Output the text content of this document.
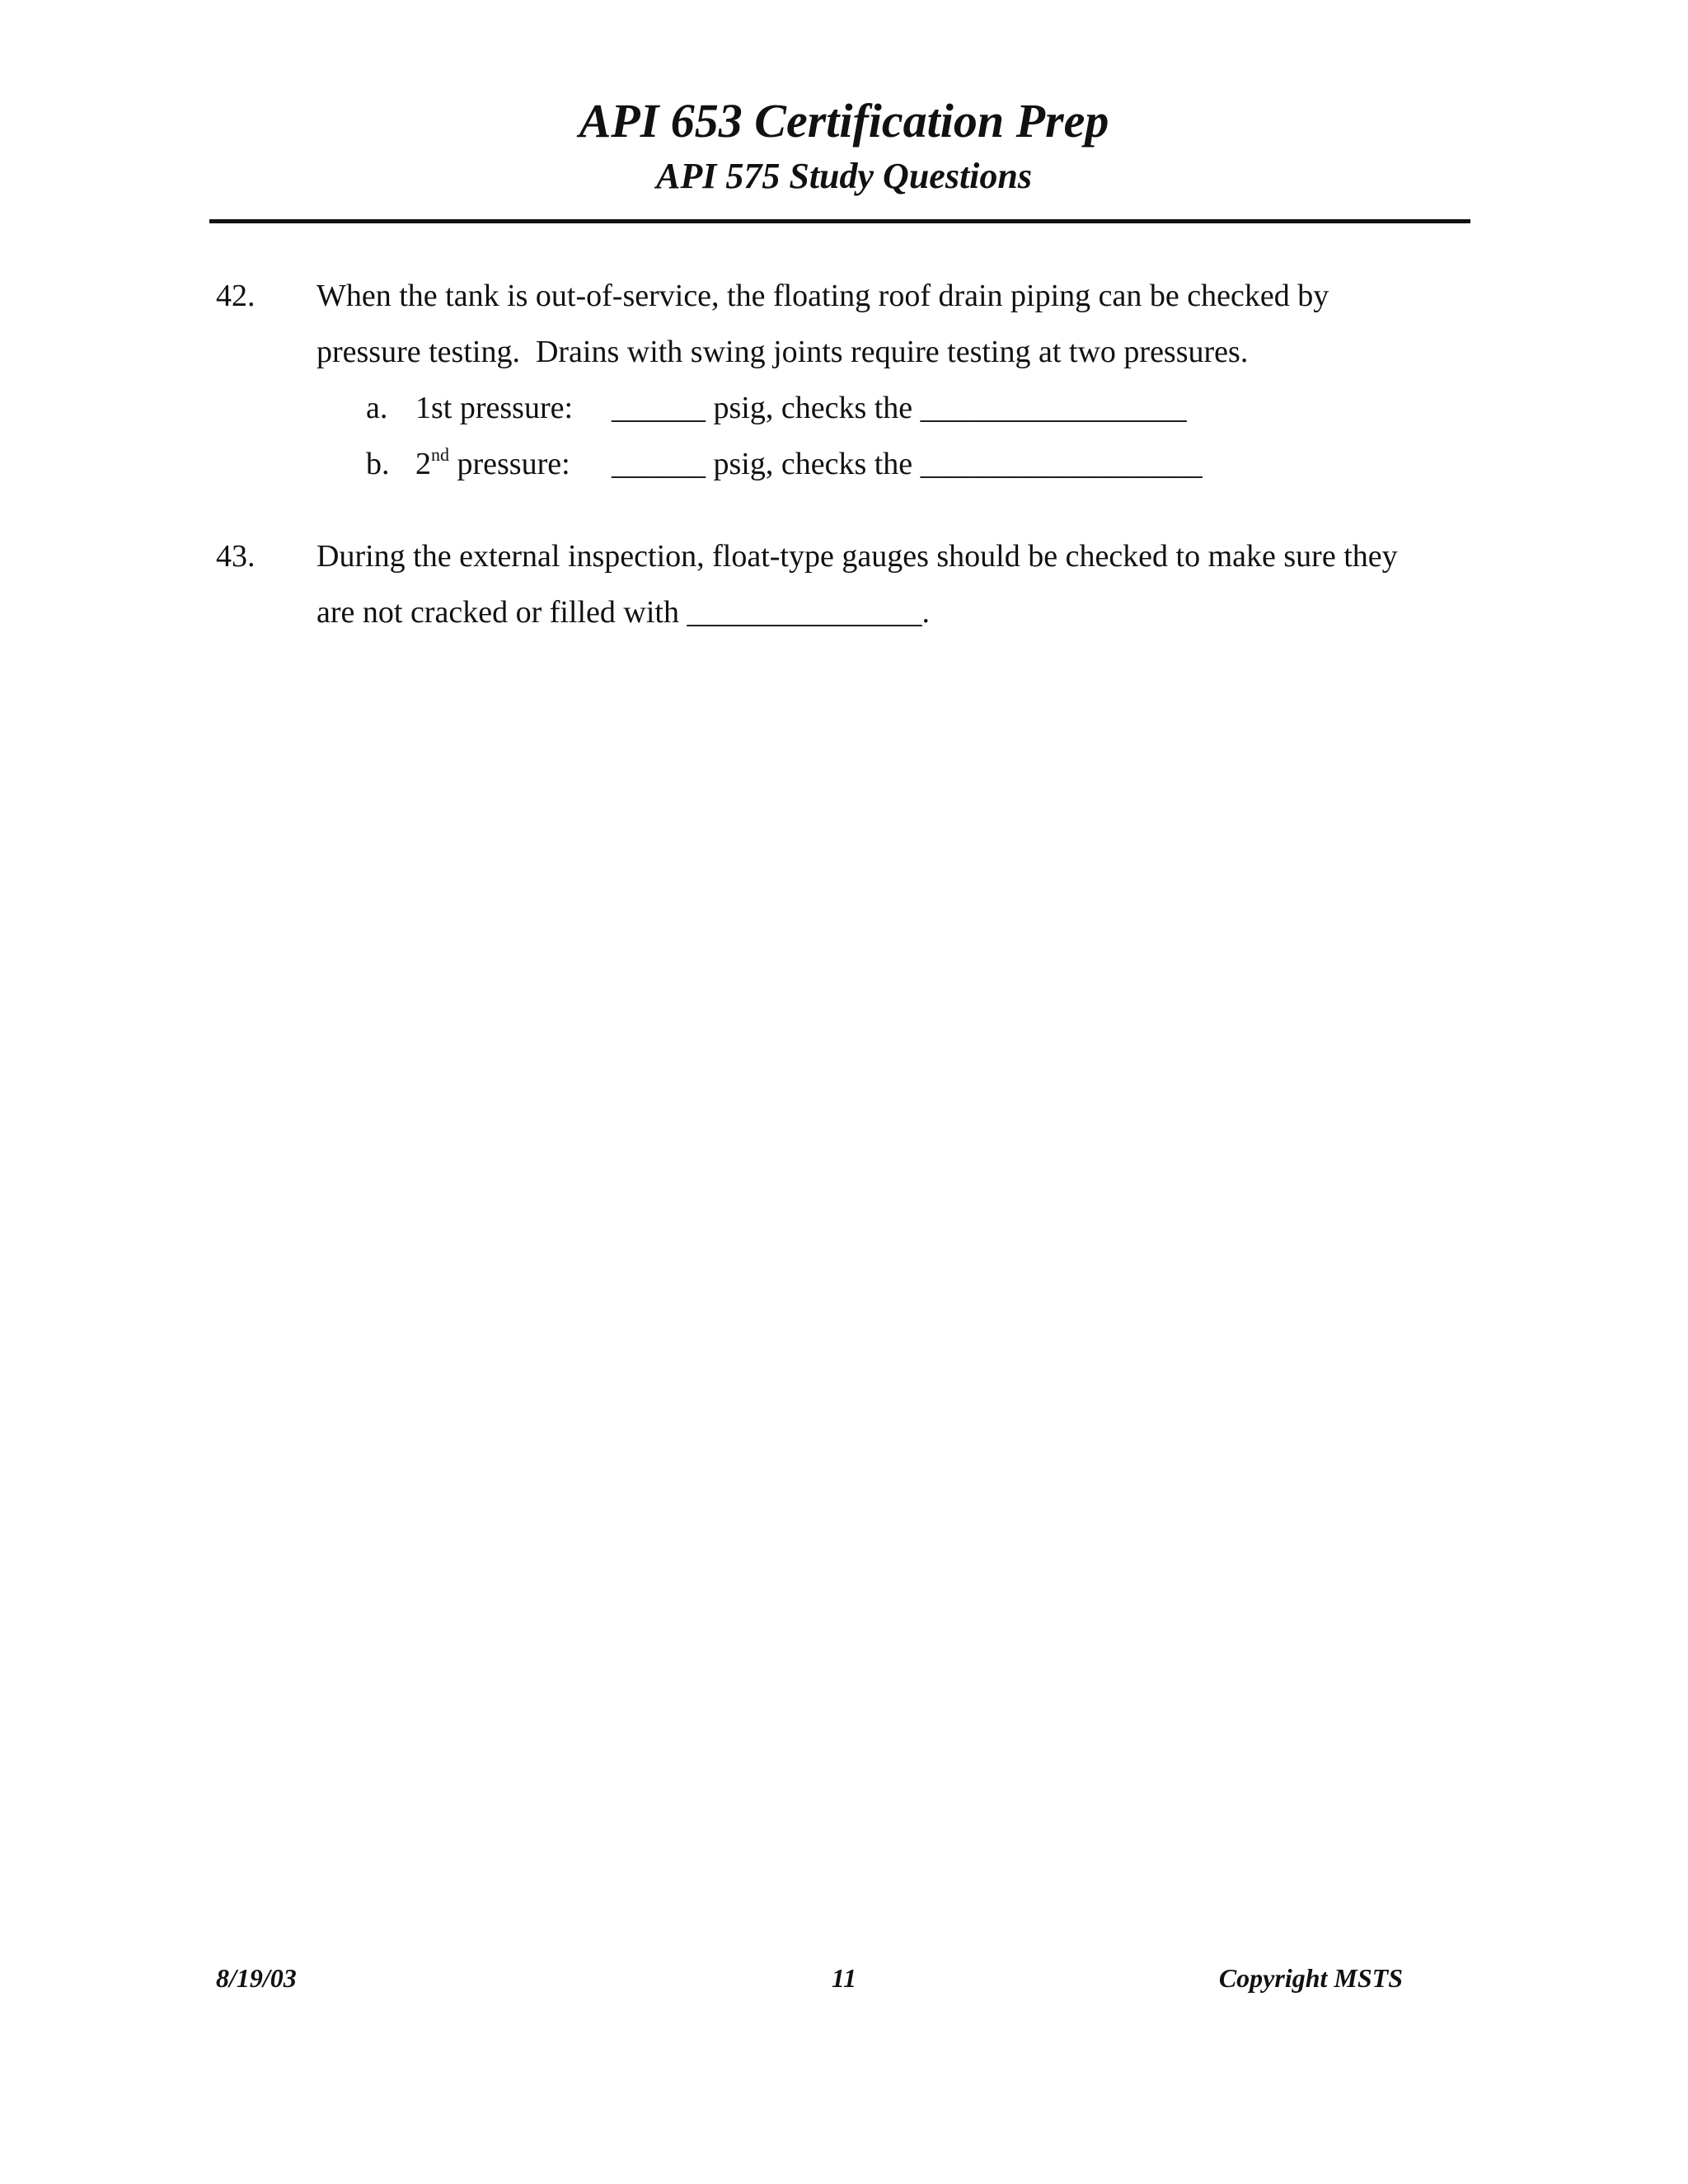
API 653 Certification Prep
API 575 Study Questions
42. When the tank is out-of-service, the floating roof drain piping can be checked by
pressure testing.  Drains with swing joints require testing at two pressures.
a. 1st pressure: ______ psig, checks the _________________
b. 2nd pressure: ______ psig, checks the __________________
43. During the external inspection, float-type gauges should be checked to make sure they
are not cracked or filled with _______________.
8/19/03	11	Copyright MSTS
